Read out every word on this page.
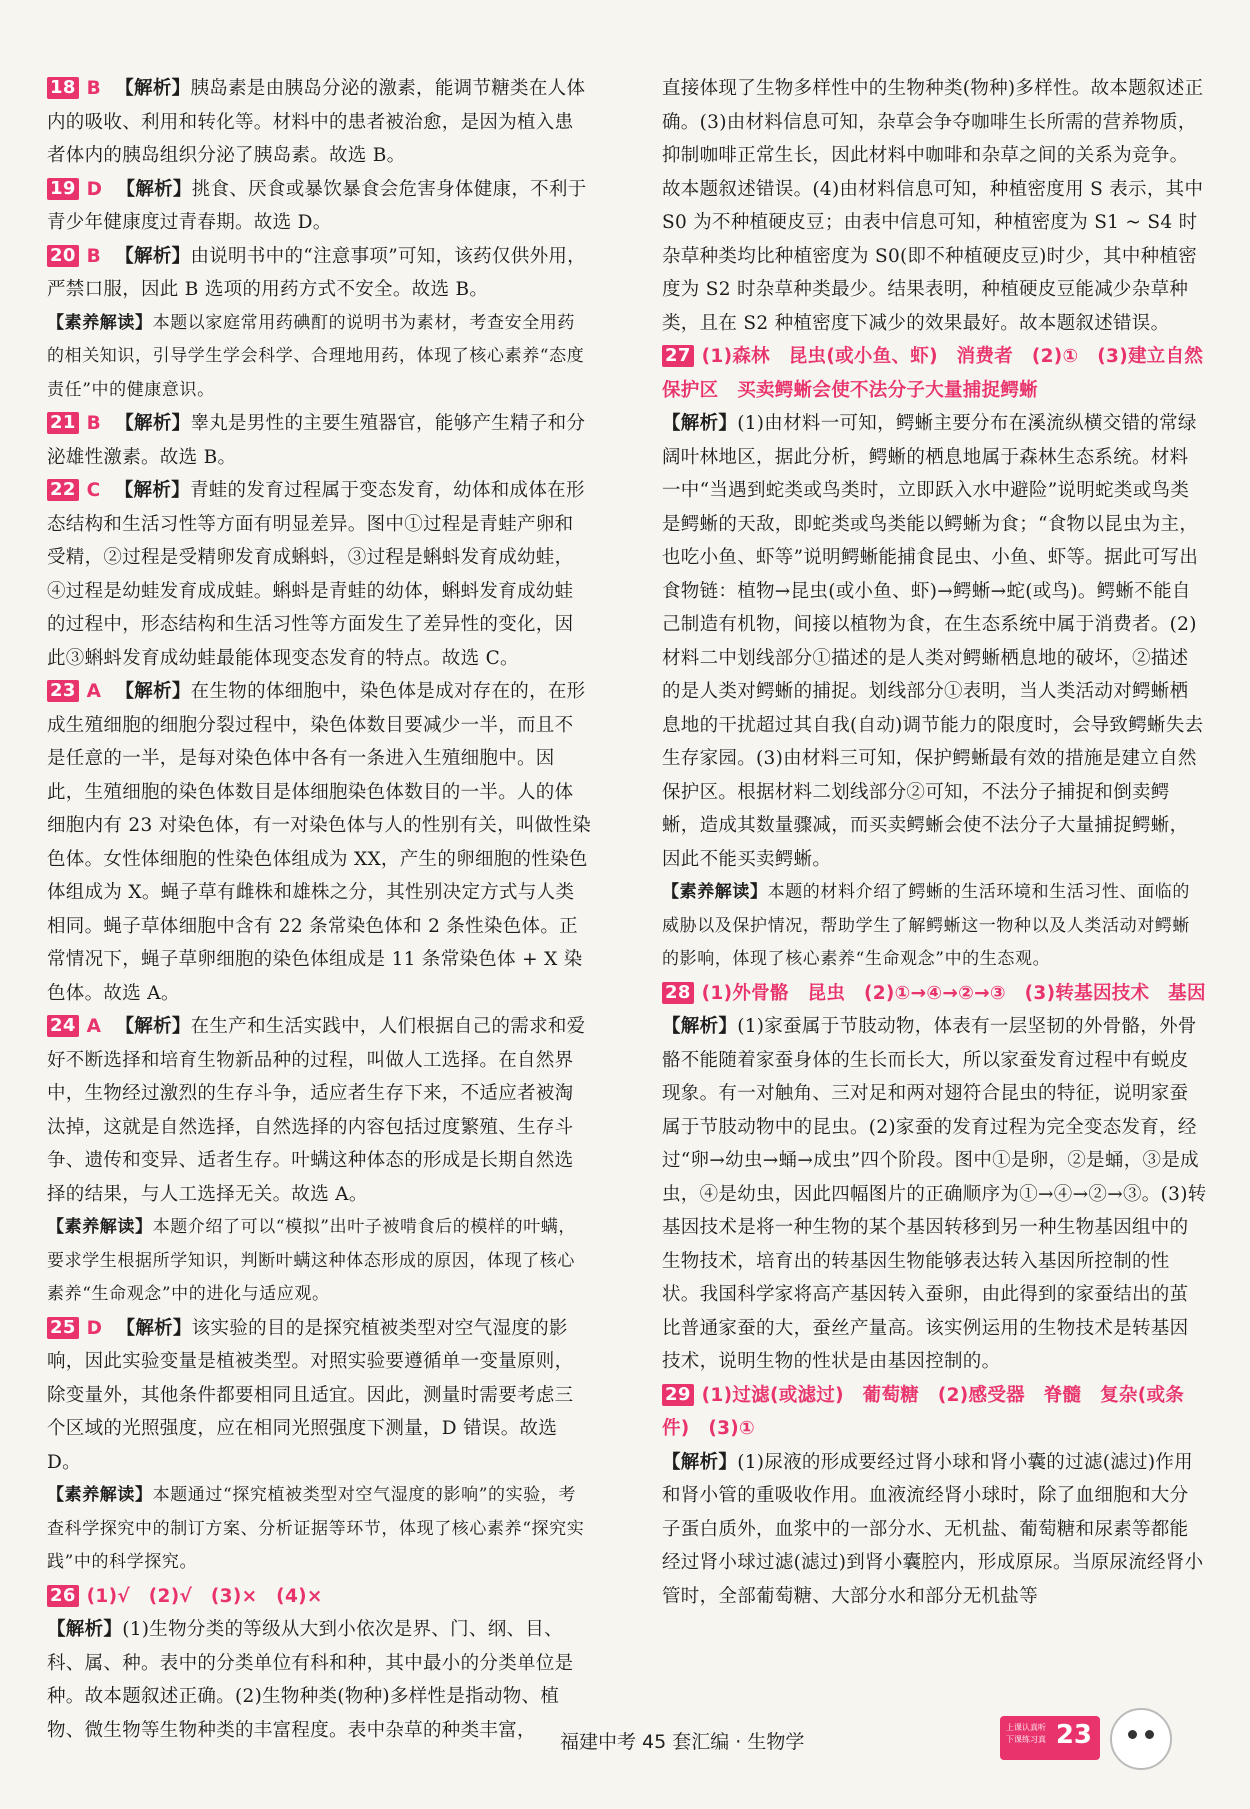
18 B 【解析】胰岛素是由胰岛分泌的激素，能调节糖类在人体内的吸收、利用和转化等。材料中的患者被治愈，是因为植入患者体内的胰岛组织分泌了胰岛素。故选 B。

19 D 【解析】挑食、厌食或暴饮暴食会危害身体健康，不利于青少年健康度过青春期。故选 D。

20 B 【解析】由说明书中的“注意事项”可知，该药仅供外用，严禁口服，因此 B 选项的用药方式不安全。故选 B。

【素养解读】本题以家庭常用药碘酊的说明书为素材，考查安全用药的相关知识，引导学生学会科学、合理地用药，体现了核心素养“态度责任”中的健康意识。

21 B 【解析】睾丸是男性的主要生殖器官，能够产生精子和分泌雄性激素。故选 B。

22 C 【解析】青蛙的发育过程属于变态发育，幼体和成体在形态结构和生活习性等方面有明显差异。图中①过程是青蛙产卵和受精，②过程是受精卵发育成蝌蚪，③过程是蝌蚪发育成幼蛙，④过程是幼蛙发育成成蛙。蝌蚪是青蛙的幼体，蝌蚪发育成幼蛙的过程中，形态结构和生活习性等方面发生了差异性的变化，因此③蝌蚪发育成幼蛙最能体现变态发育的特点。故选 C。

23 A 【解析】在生物的体细胞中，染色体是成对存在的，在形成生殖细胞的细胞分裂过程中，染色体数目要减少一半，而且不是任意的一半，是每对染色体中各有一条进入生殖细胞中。因此，生殖细胞的染色体数目是体细胞染色体数目的一半。人的体细胞内有 23 对染色体，有一对染色体与人的性别有关，叫做性染色体。女性体细胞的性染色体组成为 XX，产生的卵细胞的性染色体组成为 X。蝇子草有雌株和雄株之分，其性别决定方式与人类相同。蝇子草体细胞中含有 22 条常染色体和 2 条性染色体。正常情况下，蝇子草卵细胞的染色体组成是 11 条常染色体 + X 染色体。故选 A。

24 A 【解析】在生产和生活实践中，人们根据自己的需求和爱好不断选择和培育生物新品种的过程，叫做人工选择。在自然界中，生物经过激烈的生存斗争，适应者生存下来，不适应者被淘汰掉，这就是自然选择，自然选择的内容包括过度繁殖、生存斗争、遗传和变异、适者生存。叶螨这种体态的形成是长期自然选择的结果，与人工选择无关。故选 A。

【素养解读】本题介绍了可以“模拟”出叶子被啃食后的模样的叶螨，要求学生根据所学知识，判断叶螨这种体态形成的原因，体现了核心素养“生命观念”中的进化与适应观。

25 D 【解析】该实验的目的是探究植被类型对空气湿度的影响，因此实验变量是植被类型。对照实验要遵循单一变量原则，除变量外，其他条件都要相同且适宜。因此，测量时需要考虑三个区域的光照强度，应在相同光照强度下测量，D 错误。故选 D。

【素养解读】本题通过“探究植被类型对空气湿度的影响”的实验，考查科学探究中的制订方案、分析证据等环节，体现了核心素养“探究实践”中的科学探究。

26 (1)√　(2)√　(3)×　(4)×

【解析】(1)生物分类的等级从大到小依次是界、门、纲、目、科、属、种。表中的分类单位有科和种，其中最小的分类单位是种。故本题叙述正确。(2)生物种类(物种)多样性是指动物、植物、微生物等生物种类的丰富程度。表中杂草的种类丰富，

直接体现了生物多样性中的生物种类(物种)多样性。故本题叙述正确。(3)由材料信息可知，杂草会争夺咖啡生长所需的营养物质，抑制咖啡正常生长，因此材料中咖啡和杂草之间的关系为竞争。故本题叙述错误。(4)由材料信息可知，种植密度用 S 表示，其中 S0 为不种植硬皮豆；由表中信息可知，种植密度为 S1 ~ S4 时杂草种类均比种植密度为 S0(即不种植硬皮豆)时少，其中种植密度为 S2 时杂草种类最少。结果表明，种植硬皮豆能减少杂草种类，且在 S2 种植密度下减少的效果最好。故本题叙述错误。

27 (1)森林　昆虫(或小鱼、虾)　消费者　(2)①　(3)建立自然保护区　买卖鳄蜥会使不法分子大量捕捉鳄蜥

【解析】(1)由材料一可知，鳄蜥主要分布在溪流纵横交错的常绿阔叶林地区，据此分析，鳄蜥的栖息地属于森林生态系统。材料一中“当遇到蛇类或鸟类时，立即跃入水中避险”说明蛇类或鸟类是鳄蜥的天敌，即蛇类或鸟类能以鳄蜥为食；“食物以昆虫为主，也吃小鱼、虾等”说明鳄蜥能捕食昆虫、小鱼、虾等。据此可写出食物链：植物→昆虫(或小鱼、虾)→鳄蜥→蛇(或鸟)。鳄蜥不能自己制造有机物，间接以植物为食，在生态系统中属于消费者。(2)材料二中划线部分①描述的是人类对鳄蜥栖息地的破坏，②描述的是人类对鳄蜥的捕捉。划线部分①表明，当人类活动对鳄蜥栖息地的干扰超过其自我(自动)调节能力的限度时，会导致鳄蜥失去生存家园。(3)由材料三可知，保护鳄蜥最有效的措施是建立自然保护区。根据材料二划线部分②可知，不法分子捕捉和倒卖鳄蜥，造成其数量骤减，而买卖鳄蜥会使不法分子大量捕捉鳄蜥，因此不能买卖鳄蜥。

【素养解读】本题的材料介绍了鳄蜥的生活环境和生活习性、面临的威胁以及保护情况，帮助学生了解鳄蜥这一物种以及人类活动对鳄蜥的影响，体现了核心素养“生命观念”中的生态观。

28 (1)外骨骼　昆虫　(2)①→④→②→③　(3)转基因技术　基因

【解析】(1)家蚕属于节肢动物，体表有一层坚韧的外骨骼，外骨骼不能随着家蚕身体的生长而长大，所以家蚕发育过程中有蜕皮现象。有一对触角、三对足和两对翅符合昆虫的特征，说明家蚕属于节肢动物中的昆虫。(2)家蚕的发育过程为完全变态发育，经过“卵→幼虫→蛹→成虫”四个阶段。图中①是卵，②是蛹，③是成虫，④是幼虫，因此四幅图片的正确顺序为①→④→②→③。(3)转基因技术是将一种生物的某个基因转移到另一种生物基因组中的生物技术，培育出的转基因生物能够表达转入基因所控制的性状。我国科学家将高产基因转入蚕卵，由此得到的家蚕结出的茧比普通家蚕的大，蚕丝产量高。该实例运用的生物技术是转基因技术，说明生物的性状是由基因控制的。

29 (1)过滤(或滤过)　葡萄糖　(2)感受器　脊髓　复杂(或条件)　(3)①

【解析】(1)尿液的形成要经过肾小球和肾小囊的过滤(滤过)作用和肾小管的重吸收作用。血液流经肾小球时，除了血细胞和大分子蛋白质外，血浆中的一部分水、无机盐、葡萄糖和尿素等都能经过肾小球过滤(滤过)到肾小囊腔内，形成原尿。当原尿流经肾小管时，全部葡萄糖、大部分水和部分无机盐等

福建中考 45 套汇编 · 生物学
上课认真听
下课练习真 23
